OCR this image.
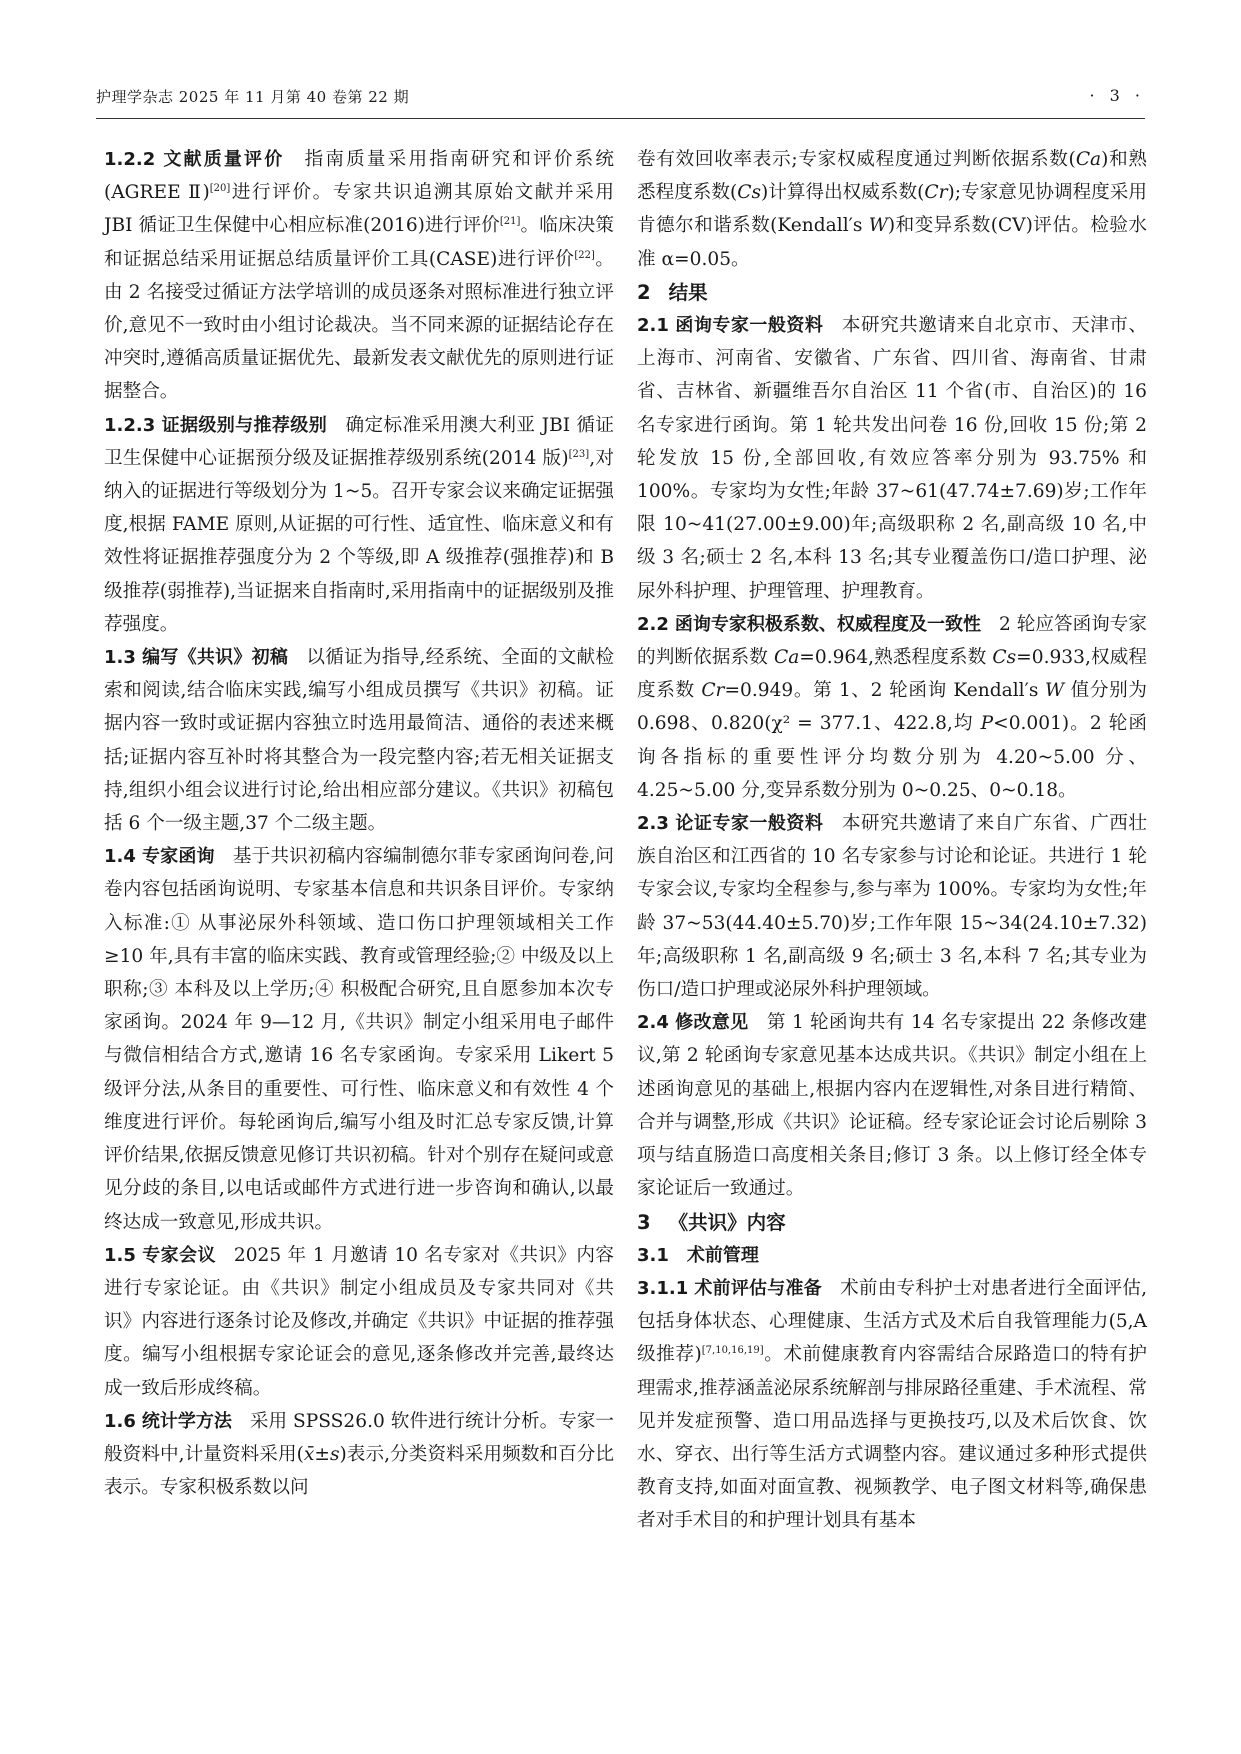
护理学杂志 2025 年 11 月第 40 卷第 22 期	· 3 ·

1.2.2 文献质量评价 指南质量采用指南研究和评价系统(AGREE Ⅱ)[20]进行评价。专家共识追溯其原始文献并采用 JBI 循证卫生保健中心相应标准(2016)进行评价[21]。临床决策和证据总结采用证据总结质量评价工具(CASE)进行评价[22]。由 2 名接受过循证方法学培训的成员逐条对照标准进行独立评价,意见不一致时由小组讨论裁决。当不同来源的证据结论存在冲突时,遵循高质量证据优先、最新发表文献优先的原则进行证据整合。

1.2.3 证据级别与推荐级别 确定标准采用澳大利亚 JBI 循证卫生保健中心证据预分级及证据推荐级别系统(2014 版)[23],对纳入的证据进行等级划分为 1~5。召开专家会议来确定证据强度,根据 FAME 原则,从证据的可行性、适宜性、临床意义和有效性将证据推荐强度分为 2 个等级,即 A 级推荐(强推荐)和 B 级推荐(弱推荐),当证据来自指南时,采用指南中的证据级别及推荐强度。

1.3 编写《共识》初稿 以循证为指导,经系统、全面的文献检索和阅读,结合临床实践,编写小组成员撰写《共识》初稿。证据内容一致时或证据内容独立时选用最简洁、通俗的表述来概括;证据内容互补时将其整合为一段完整内容;若无相关证据支持,组织小组会议进行讨论,给出相应部分建议。《共识》初稿包括 6 个一级主题,37 个二级主题。

1.4 专家函询 基于共识初稿内容编制德尔菲专家函询问卷,问卷内容包括函询说明、专家基本信息和共识条目评价。专家纳入标准:① 从事泌尿外科领域、造口伤口护理领域相关工作≥10 年,具有丰富的临床实践、教育或管理经验;② 中级及以上职称;③ 本科及以上学历;④ 积极配合研究,且自愿参加本次专家函询。2024 年 9—12 月,《共识》制定小组采用电子邮件与微信相结合方式,邀请 16 名专家函询。专家采用 Likert 5 级评分法,从条目的重要性、可行性、临床意义和有效性 4 个维度进行评价。每轮函询后,编写小组及时汇总专家反馈,计算评价结果,依据反馈意见修订共识初稿。针对个别存在疑问或意见分歧的条目,以电话或邮件方式进行进一步咨询和确认,以最终达成一致意见,形成共识。

1.5 专家会议 2025 年 1 月邀请 10 名专家对《共识》内容进行专家论证。由《共识》制定小组成员及专家共同对《共识》内容进行逐条讨论及修改,并确定《共识》中证据的推荐强度。编写小组根据专家论证会的意见,逐条修改并完善,最终达成一致后形成终稿。

1.6 统计学方法 采用 SPSS26.0 软件进行统计分析。专家一般资料中,计量资料采用(x̄±s)表示,分类资料采用频数和百分比表示。专家积极系数以问

卷有效回收率表示;专家权威程度通过判断依据系数(Ca)和熟悉程度系数(Cs)计算得出权威系数(Cr);专家意见协调程度采用肯德尔和谐系数(Kendall′s W)和变异系数(CV)评估。检验水准 α=0.05。

2 结果

2.1 函询专家一般资料 本研究共邀请来自北京市、天津市、上海市、河南省、安徽省、广东省、四川省、海南省、甘肃省、吉林省、新疆维吾尔自治区 11 个省(市、自治区)的 16 名专家进行函询。第 1 轮共发出问卷 16 份,回收 15 份;第 2 轮发放 15 份,全部回收,有效应答率分别为 93.75% 和 100%。专家均为女性;年龄 37~61(47.74±7.69)岁;工作年限 10~41(27.00±9.00)年;高级职称 2 名,副高级 10 名,中级 3 名;硕士 2 名,本科 13 名;其专业覆盖伤口/造口护理、泌尿外科护理、护理管理、护理教育。

2.2 函询专家积极系数、权威程度及一致性 2 轮应答函询专家的判断依据系数 Ca=0.964,熟悉程度系数 Cs=0.933,权威程度系数 Cr=0.949。第 1、2 轮函询 Kendall′s W 值分别为 0.698、0.820(χ² = 377.1、422.8,均 P<0.001)。2 轮函询各指标的重要性评分均数分别为 4.20~5.00 分、4.25~5.00 分,变异系数分别为 0~0.25、0~0.18。

2.3 论证专家一般资料 本研究共邀请了来自广东省、广西壮族自治区和江西省的 10 名专家参与讨论和论证。共进行 1 轮专家会议,专家均全程参与,参与率为 100%。专家均为女性;年龄 37~53(44.40±5.70)岁;工作年限 15~34(24.10±7.32)年;高级职称 1 名,副高级 9 名;硕士 3 名,本科 7 名;其专业为伤口/造口护理或泌尿外科护理领域。

2.4 修改意见 第 1 轮函询共有 14 名专家提出 22 条修改建议,第 2 轮函询专家意见基本达成共识。《共识》制定小组在上述函询意见的基础上,根据内容内在逻辑性,对条目进行精简、合并与调整,形成《共识》论证稿。经专家论证会讨论后剔除 3 项与结直肠造口高度相关条目;修订 3 条。以上修订经全体专家论证后一致通过。

3 《共识》内容

3.1 术前管理

3.1.1 术前评估与准备 术前由专科护士对患者进行全面评估,包括身体状态、心理健康、生活方式及术后自我管理能力(5,A 级推荐)[7,10,16,19]。术前健康教育内容需结合尿路造口的特有护理需求,推荐涵盖泌尿系统解剖与排尿路径重建、手术流程、常见并发症预警、造口用品选择与更换技巧,以及术后饮食、饮水、穿衣、出行等生活方式调整内容。建议通过多种形式提供教育支持,如面对面宣教、视频教学、电子图文材料等,确保患者对手术目的和护理计划具有基本
